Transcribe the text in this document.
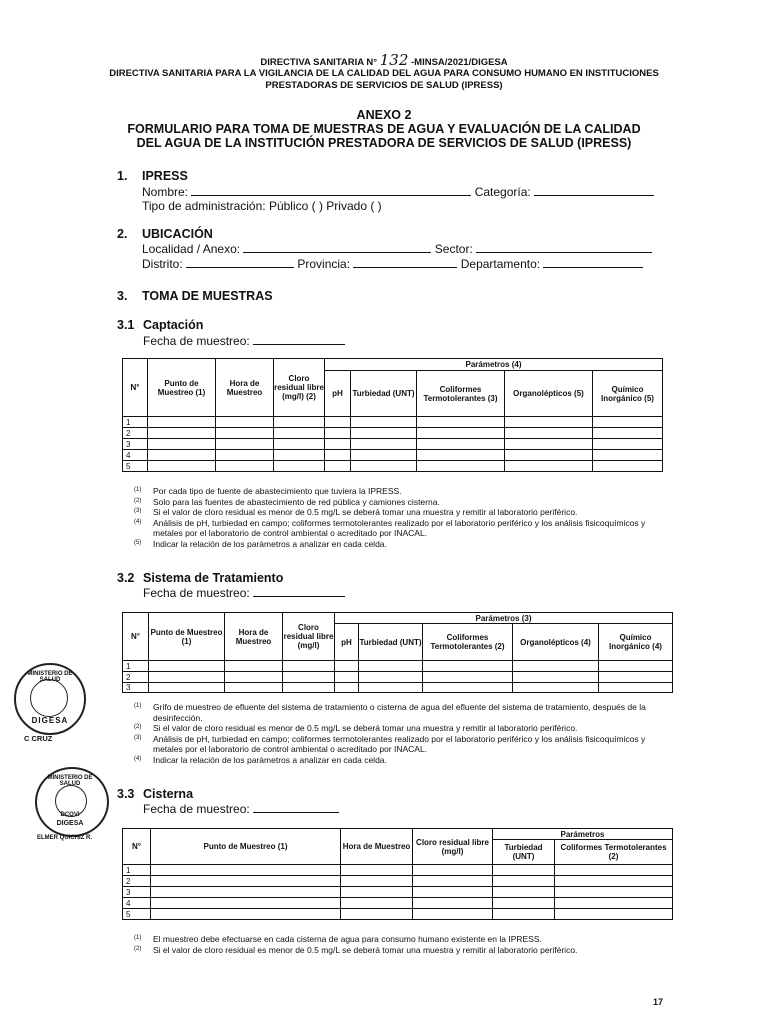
DIRECTIVA SANITARIA N° 132 -MINSA/2021/DIGESA
DIRECTIVA SANITARIA PARA LA VIGILANCIA DE LA CALIDAD DEL AGUA PARA CONSUMO HUMANO EN INSTITUCIONES
PRESTADORAS DE SERVICIOS DE SALUD (IPRESS)
ANEXO 2
FORMULARIO PARA TOMA DE MUESTRAS DE AGUA Y EVALUACIÓN DE LA CALIDAD
DEL AGUA DE LA INSTITUCIÓN PRESTADORA DE SERVICIOS DE SALUD (IPRESS)
1. IPRESS
Nombre:	Categoría:
Tipo de administración: Público ( ) Privado ( )
2. UBICACIÓN
Localidad / Anexo:	Sector:
Distrito:	Provincia:	Departamento:
3. TOMA DE MUESTRAS
3.1 Captación
Fecha de muestreo:
N°	Punto de Muestreo (1)	Hora de Muestreo	Cloro residual libre (mg/l) (2)	Parámetros (4)				
				pH	Turbiedad (UNT)	Coliformes Termotolerantes (3)	Organolépticos (5)	Químico Inorgánico (5)
1								
2								
3								
4								
5								
(1) Por cada tipo de fuente de abastecimiento que tuviera la IPRESS.
(2) Solo para las fuentes de abastecimiento de red pública y camiones cisterna.
(3) Si el valor de cloro residual es menor de 0.5 mg/L se deberá tomar una muestra y remitir al laboratorio periférico.
(4) Análisis de pH, turbiedad en campo; coliformes termotolerantes realizado por el laboratorio periférico y los análisis fisicoquímicos y metales por el laboratorio de control ambiental o acreditado por INACAL.
(5) Indicar la relación de los parámetros a analizar en cada celda.
3.2 Sistema de Tratamiento
Fecha de muestreo:
N°	Punto de Muestreo (1)	Hora de Muestreo	Cloro residual libre (mg/l)	Parámetros (3)				
				pH	Turbiedad (UNT)	Coliformes Termotolerantes (2)	Organolépticos (4)	Químico Inorgánico (4)
1								
2								
3								
(1) Grifo de muestreo de efluente del sistema de tratamiento o cisterna de agua del efluente del sistema de tratamiento, después de la desinfección.
(2) Si el valor de cloro residual es menor de 0.5 mg/L se deberá tomar una muestra y remitir al laboratorio periférico.
(3) Análisis de pH, turbiedad en campo; coliformes termotolerantes realizado por el laboratorio periférico y los análisis fisicoquímicos y metales por el laboratorio de control ambiental o acreditado por INACAL.
(4) Indicar la relación de los parámetros a analizar en cada celda.
3.3 Cisterna
Fecha de muestreo:
N°	Punto de Muestreo (1)	Hora de Muestreo	Cloro residual libre (mg/l)	Parámetros	
				Turbiedad (UNT)	Coliformes Termotolerantes (2)
1					
2					
3					
4					
5					
(1) El muestreo debe efectuarse en cada cisterna de agua para consumo humano existente en la IPRESS.
(2) Si el valor de cloro residual es menor de 0.5 mg/L se deberá tomar una muestra y remitir al laboratorio periférico.
MINISTERIO DE SALUD
DIGESA
C CRUZ
MINISTERIO DE SALUD
DCOVI
DIGESA
ELMER QUICHIZ R.
17
